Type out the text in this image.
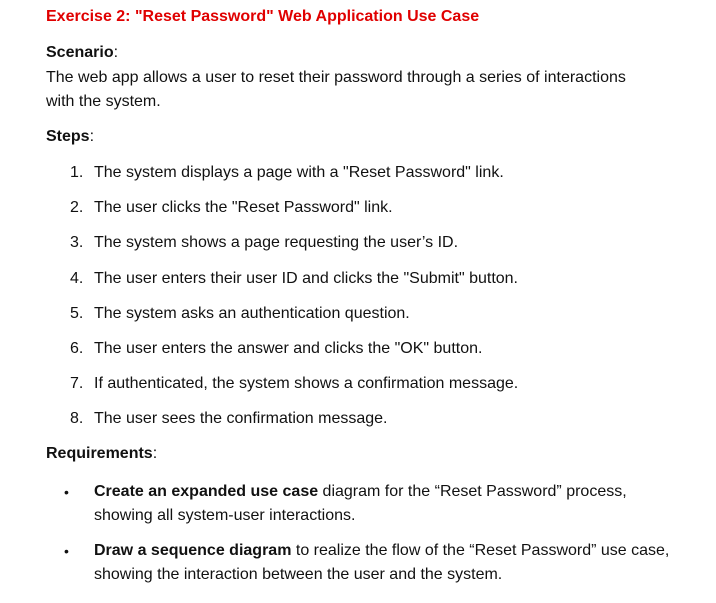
Exercise 2: "Reset Password" Web Application Use Case
Scenario:
The web app allows a user to reset their password through a series of interactions
with the system.
Steps:
1. The system displays a page with a "Reset Password" link.
2. The user clicks the "Reset Password" link.
3. The system shows a page requesting the user’s ID.
4. The user enters their user ID and clicks the "Submit" button.
5. The system asks an authentication question.
6. The user enters the answer and clicks the "OK" button.
7. If authenticated, the system shows a confirmation message.
8. The user sees the confirmation message.
Requirements:
•	Create an expanded use case diagram for the “Reset Password” process,
showing all system-user interactions.
•	Draw a sequence diagram to realize the flow of the “Reset Password” use case,
showing the interaction between the user and the system.
